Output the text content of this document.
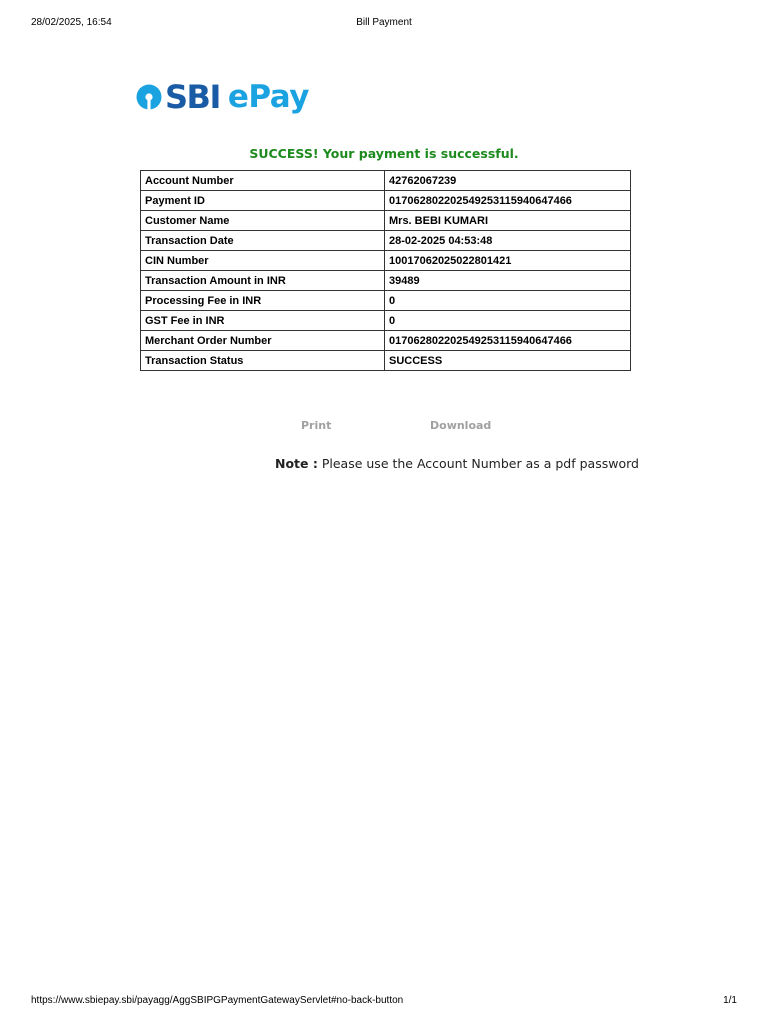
28/02/2025, 16:54	Bill Payment
SBI ePay
SUCCESS! Your payment is successful.
Account Number	42762067239
Payment ID	017062802202549253115940647466
Customer Name	Mrs. BEBI KUMARI
Transaction Date	28-02-2025 04:53:48
CIN Number	10017062025022801421
Transaction Amount in INR	39489
Processing Fee in INR	0
GST Fee in INR	0
Merchant Order Number	017062802202549253115940647466
Transaction Status	SUCCESS
Print	Download
Note : Please use the Account Number as a pdf password
https://www.sbiepay.sbi/payagg/AggSBIPGPaymentGatewayServlet#no-back-button	1/1
